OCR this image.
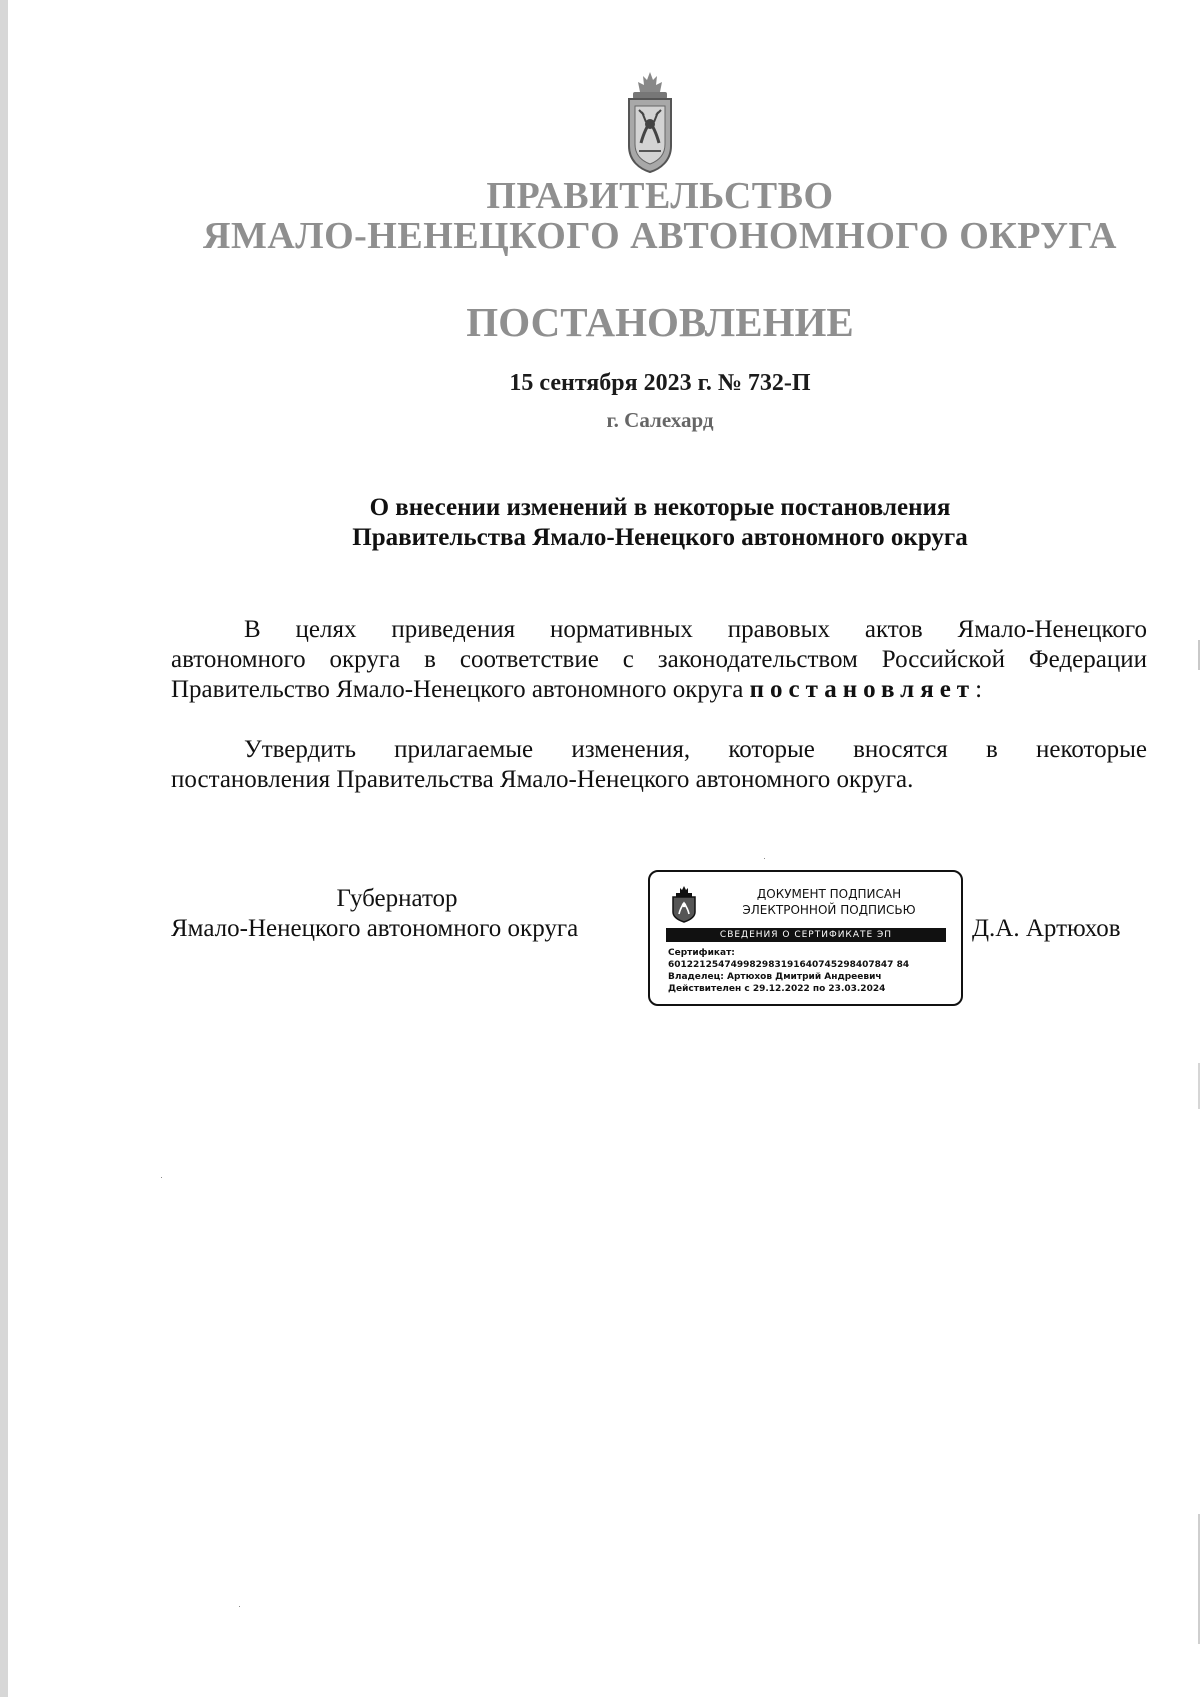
ПРАВИТЕЛЬСТВО
ЯМАЛО-НЕНЕЦКОГО АВТОНОМНОГО ОКРУГА
ПОСТАНОВЛЕНИЕ
15 сентября 2023 г. № 732-П
г. Салехард
О внесении изменений в некоторые постановления
Правительства Ямало-Ненецкого автономного округа
В целях приведения нормативных правовых актов Ямало-Ненецкого
автономного округа в соответствие с законодательством Российской Федерации
Правительство Ямало-Ненецкого автономного округа постановляет:
Утвердить прилагаемые изменения, которые вносятся в некоторые
постановления Правительства Ямало-Ненецкого автономного округа.
Губернатор
Ямало-Ненецкого автономного округа	Д.А. Артюхов
ДОКУМЕНТ ПОДПИСАН
ЭЛЕКТРОННОЙ ПОДПИСЬЮ
СВЕДЕНИЯ О СЕРТИФИКАТЕ ЭП
Сертификат:
601221254749982983191640745298407847 84
Владелец: Артюхов Дмитрий Андреевич
Действителен с 29.12.2022 по 23.03.2024
